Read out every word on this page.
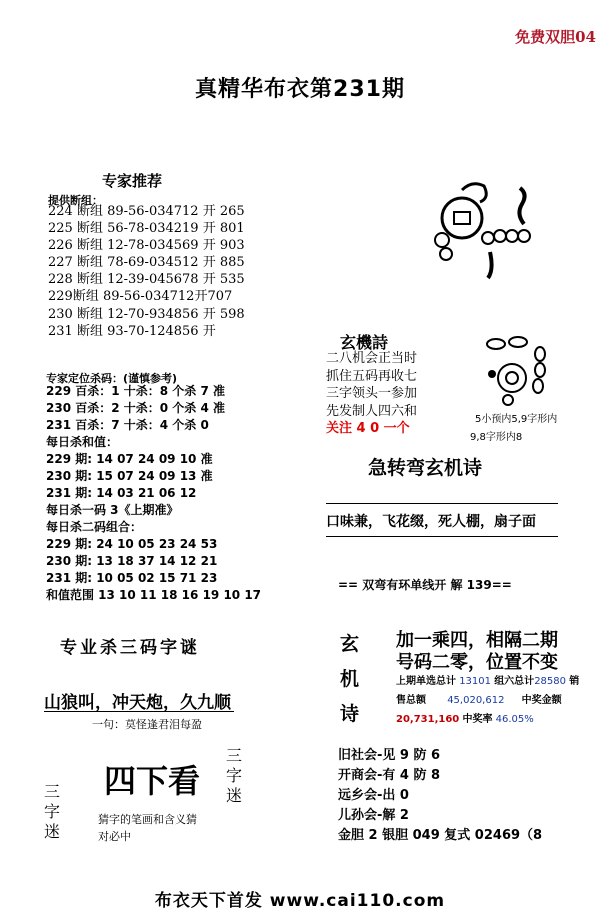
免费双胆04
真精华布衣第231期
专家推荐
提供断组：
224 断组 89-56-034712 开 265
225 断组 56-78-034219 开 801
226 断组 12-78-034569 开 903
227 断组 78-69-034512 开 885
228 断组 12-39-045678 开 535
229断组 89-56-034712开707
230 断组 12-70-934856 开 598
231 断组 93-70-124856 开
专家定位杀码：(谨慎参考)
229 百杀：1 十杀：8 个杀 7 准
230 百杀：2 十杀：0 个杀 4 准
231 百杀：7 十杀：4 个杀 0
每日杀和值：
229 期: 14 07 24 09 10 准
230 期: 15 07 24 09 13 准
231 期: 14 03 21 06 12
每日杀一码 3《上期准》
每日杀二码组合：
229 期: 24 10 05 23 24 53
230 期: 13 18 37 14 12 21
231 期: 10 05 02 15 71 23
和值范围 13 10 11 18 16 19 10 17
专业杀三码字谜
山狼叫，冲天炮，久九顺
一句：莫怪逢君泪每盈
四下看
三字迷
三字迷
猜字的笔画和含义猜
对必中
玄機詩
二八机会正当时
抓住五码再收七
三字领头一参加
先发制人四六和
关注 4 0 一个
5小预内5,9字形内
9,8字形内8
急转弯玄机诗
口味兼，飞花缀，死人棚，扇子面
== 双弯有环单线开 解 139==
玄
机
诗
加一乘四，相隔二期
号码二零，位置不变
上期单选总计 13101 组六总计28580 销
售总额 45,020,612 中奖金额
20,731,160 中奖率 46.05%
旧社会-见 9 防 6
开商会-有 4 防 8
远乡会-出 0
儿孙会-解 2
金胆 2 银胆 049 复式 02469（8
布衣天下首发 www.cai110.com
